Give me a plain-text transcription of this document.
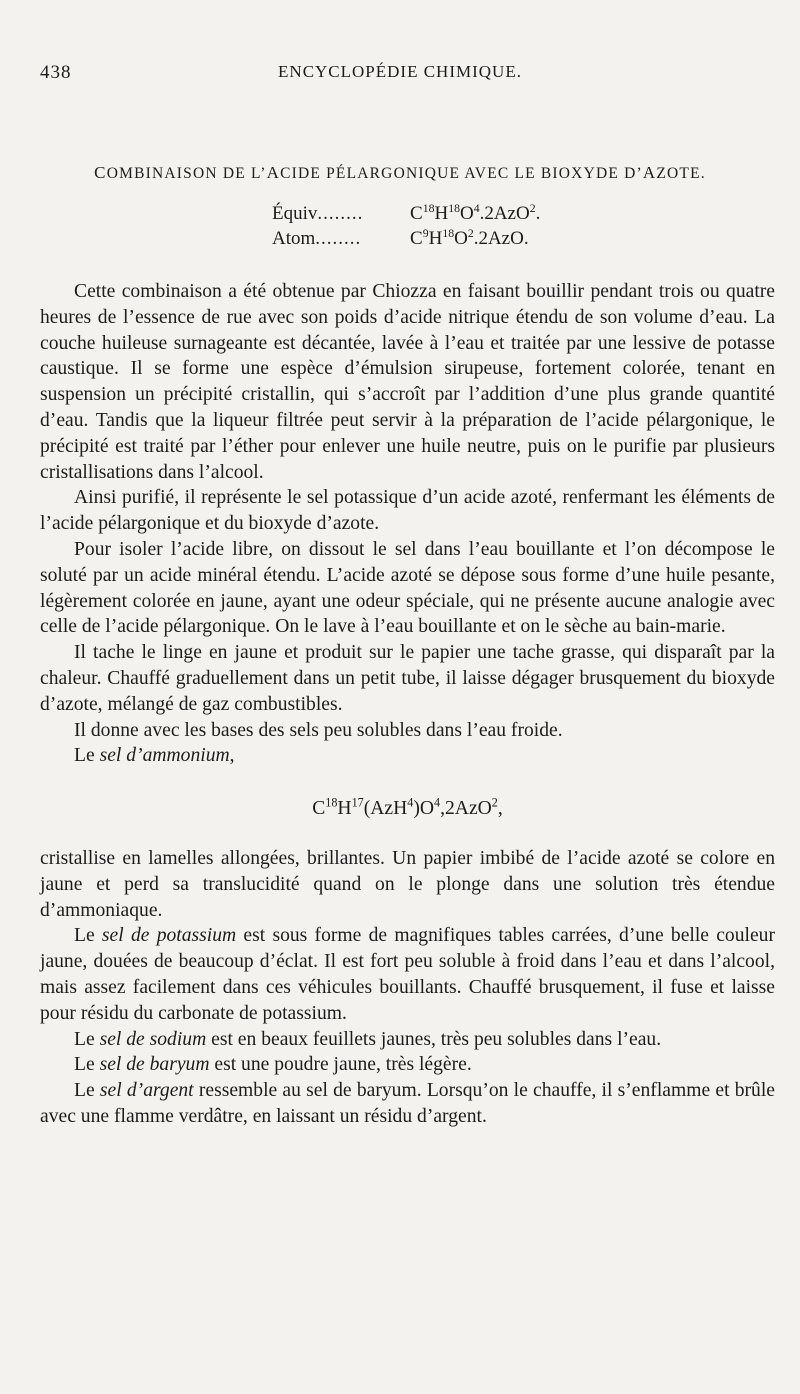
438	ENCYCLOPÉDIE CHIMIQUE.
COMBINAISON DE L’ACIDE PÉLARGONIQUE AVEC LE BIOXYDE D’AZOTE.
Équiv ........	$C^{18}H^{18}O^4.2AzO^2$.
Atom ........	$C^9H^{18}O^2.2AzO$.

Cette combinaison a été obtenue par Chiozza en faisant bouillir pendant trois ou quatre heures de l’essence de rue avec son poids d’acide nitrique étendu de son volume d’eau. La couche huileuse surnageante est décantée, lavée à l’eau et traitée par une lessive de potasse caustique. Il se forme une espèce d’émulsion sirupeuse, fortement colorée, tenant en suspension un précipité cristallin, qui s’accroît par l’addition d’une plus grande quantité d’eau. Tandis que la liqueur filtrée peut servir à la préparation de l’acide pélargonique, le précipité est traité par l’éther pour enlever une huile neutre, puis on le purifie par plusieurs cristallisations dans l’alcool.

Ainsi purifié, il représente le sel potassique d’un acide azoté, renfermant les éléments de l’acide pélargonique et du bioxyde d’azote.

Pour isoler l’acide libre, on dissout le sel dans l’eau bouillante et l’on décompose le soluté par un acide minéral étendu. L’acide azoté se dépose sous forme d’une huile pesante, légèrement colorée en jaune, ayant une odeur spéciale, qui ne présente aucune analogie avec celle de l’acide pélargonique. On le lave à l’eau bouillante et on le sèche au bain-marie.

Il tache le linge en jaune et produit sur le papier une tache grasse, qui disparaît par la chaleur. Chauffé graduellement dans un petit tube, il laisse dégager brusquement du bioxyde d’azote, mélangé de gaz combustibles.

Il donne avec les bases des sels peu solubles dans l’eau froide.

Le sel d’ammonium,

$C^{18}H^{17}(AzH^4)O^4,2AzO^2$,

cristallise en lamelles allongées, brillantes. Un papier imbibé de l’acide azoté se colore en jaune et perd sa translucidité quand on le plonge dans une solution très étendue d’ammoniaque.

Le sel de potassium est sous forme de magnifiques tables carrées, d’une belle couleur jaune, douées de beaucoup d’éclat. Il est fort peu soluble à froid dans l’eau et dans l’alcool, mais assez facilement dans ces véhicules bouillants. Chauffé brusquement, il fuse et laisse pour résidu du carbonate de potassium.

Le sel de sodium est en beaux feuillets jaunes, très peu solubles dans l’eau.

Le sel de barуum est une poudre jaune, très légère.

Le sel d’argent ressemble au sel de baryum. Lorsqu’on le chauffe, il s’enflamme et brûle avec une flamme verdâtre, en laissant un résidu d’argent.
